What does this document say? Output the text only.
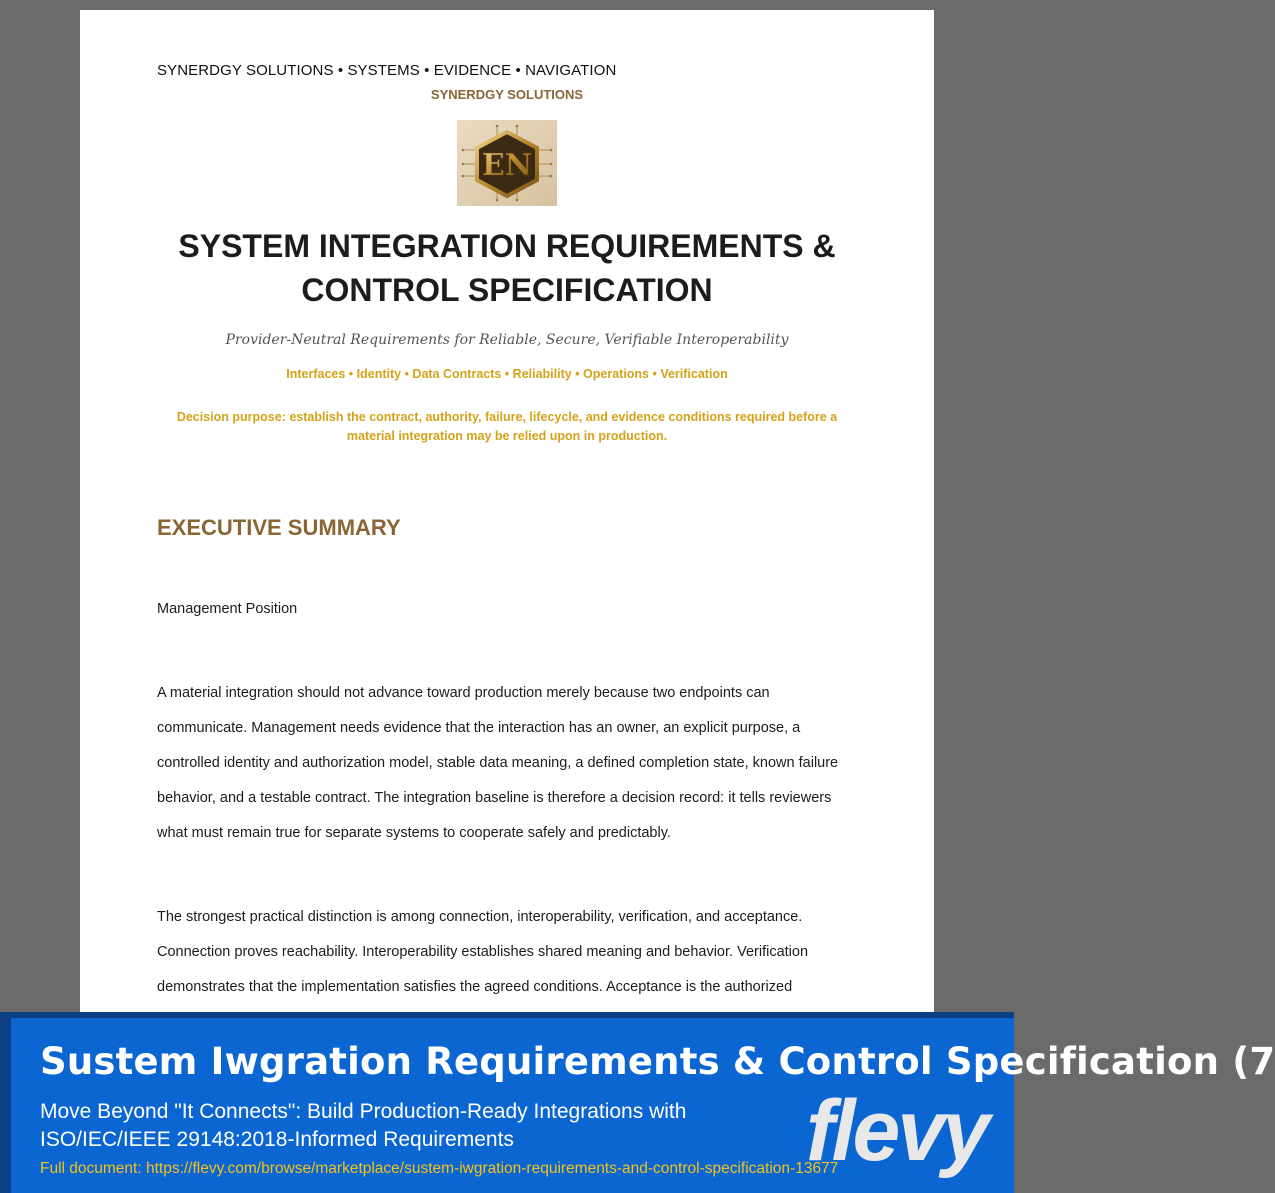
SYNERDGY SOLUTIONS • SYSTEMS • EVIDENCE • NAVIGATION
SYNERDGY SOLUTIONS
EN
SYSTEM INTEGRATION REQUIREMENTS & CONTROL SPECIFICATION
Provider-Neutral Requirements for Reliable, Secure, Verifiable Interoperability
Interfaces • Identity • Data Contracts • Reliability • Operations • Verification
Decision purpose: establish the contract, authority, failure, lifecycle, and evidence conditions required before a material integration may be relied upon in production.
EXECUTIVE SUMMARY
Management Position

A material integration should not advance toward production merely because two endpoints can communicate. Management needs evidence that the interaction has an owner, an explicit purpose, a controlled identity and authorization model, stable data meaning, a defined completion state, known failure behavior, and a testable contract. The integration baseline is therefore a decision record: it tells reviewers what must remain true for separate systems to cooperate safely and predictably.

The strongest practical distinction is among connection, interoperability, verification, and acceptance. Connection proves reachability. Interoperability establishes shared meaning and behavior. Verification demonstrates that the implementation satisfies the agreed conditions. Acceptance is the authorized

Sustem Iwgration Requirements & Control Specification (7
Move Beyond "It Connects": Build Production-Ready Integrations with ISO/IEC/IEEE 29148:2018-Informed Requirements
Full document: https://flevy.com/browse/marketplace/sustem-iwgration-requirements-and-control-specification-13677
flevy
